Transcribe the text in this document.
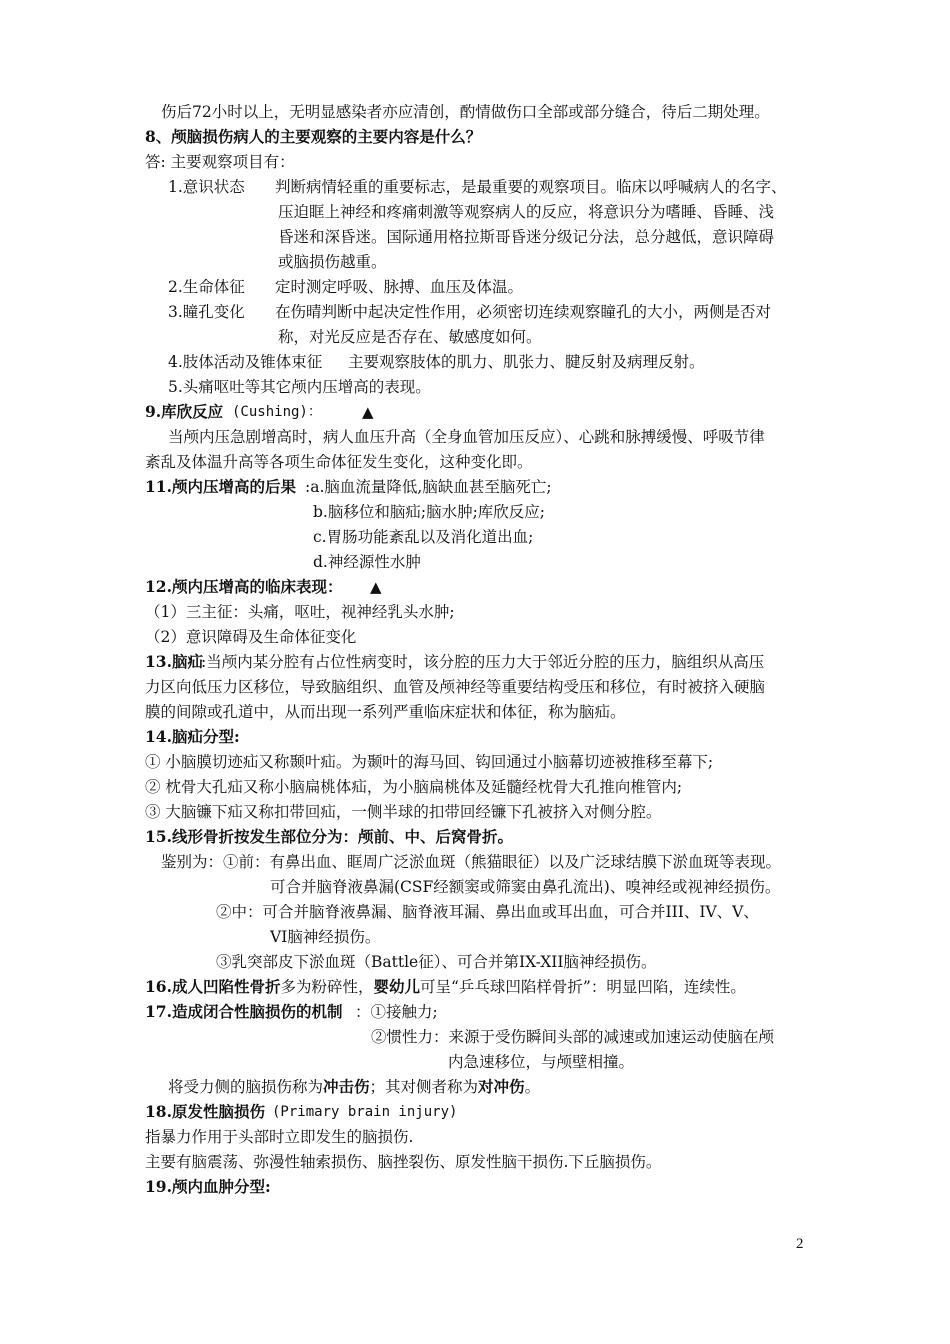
伤后72小时以上，无明显感染者亦应清创，酌情做伤口全部或部分缝合，待后二期处理。
8、颅脑损伤病人的主要观察的主要内容是什么？
答: 主要观察项目有：
1.意识状态 判断病情轻重的重要标志，是最重要的观察项目。临床以呼喊病人的名字、
压迫眶上神经和疼痛刺激等观察病人的反应，将意识分为嗜睡、昏睡、浅
昏迷和深昏迷。国际通用格拉斯哥昏迷分级记分法，总分越低，意识障碍
或脑损伤越重。
2.生命体征 定时测定呼吸、脉搏、血压及体温。
3.瞳孔变化 在伤晴判断中起决定性作用，必须密切连续观察瞳孔的大小，两侧是否对
称，对光反应是否存在、敏感度如何。
4.肢体活动及锥体束征 主要观察肢体的肌力、肌张力、腱反射及病理反射。
5.头痛呕吐等其它颅内压增高的表现。
9.库欣反应 (Cushing)：	▲
当颅内压急剧增高时，病人血压升高（全身血管加压反应）、心跳和脉搏缓慢、呼吸节律
紊乱及体温升高等各项生命体征发生变化，这种变化即。
11.颅内压增高的后果 :a.脑血流量降低,脑缺血甚至脑死亡;
b.脑移位和脑疝;脑水肿;库欣反应;
c.胃肠功能紊乱以及消化道出血;
d.神经源性水肿
12.颅内压增高的临床表现： ▲
（1）三主征：头痛，呕吐，视神经乳头水肿;
（2）意识障碍及生命体征变化
13.脑疝
:当颅内某分腔有占位性病变时，该分腔的压力大于邻近分腔的压力，脑组织从高压
力区向低压力区移位，导致脑组织、血管及颅神经等重要结构受压和移位，有时被挤入硬脑
膜的间隙或孔道中，从而出现一系列严重临床症状和体征，称为脑疝。
14.脑疝分型:
① 小脑膜切迹疝又称颞叶疝。为颞叶的海马回、钩回通过小脑幕切迹被推移至幕下;
② 枕骨大孔疝又称小脑扁桃体疝，为小脑扁桃体及延髓经枕骨大孔推向椎管内;
③ 大脑镰下疝又称扣带回疝，一侧半球的扣带回经镰下孔被挤入对侧分腔。
15.线形骨折按发生部位分为：颅前、中、后窝骨折。
鉴别为：①前：有鼻出血、眶周广泛淤血斑（熊猫眼征）以及广泛球结膜下淤血斑等表现。
可合并脑脊液鼻漏(CSF经额窦或筛窦由鼻孔流出)、嗅神经或视神经损伤。
②中：可合并脑脊液鼻漏、脑脊液耳漏、鼻出血或耳出血，可合并III、IV、V、
VI脑神经损伤。
③乳突部皮下淤血斑（Battle征）、可合并第IX-XII脑神经损伤。
16.成人凹陷性骨折多为粉碎性，婴幼儿可呈“乒乓球凹陷样骨折”：明显凹陷，连续性。
17.造成闭合性脑损伤的机制 ：①接触力;
②惯性力：来源于受伤瞬间头部的减速或加速运动使脑在颅
内急速移位，与颅壁相撞。
将受力侧的脑损伤称为冲击伤；其对侧者称为对冲伤。
18.原发性脑损伤 (Primary brain injury)
指暴力作用于头部时立即发生的脑损伤.
主要有脑震荡、弥漫性轴索损伤、脑挫裂伤、原发性脑干损伤.下丘脑损伤。
19.颅内血肿分型:
2
